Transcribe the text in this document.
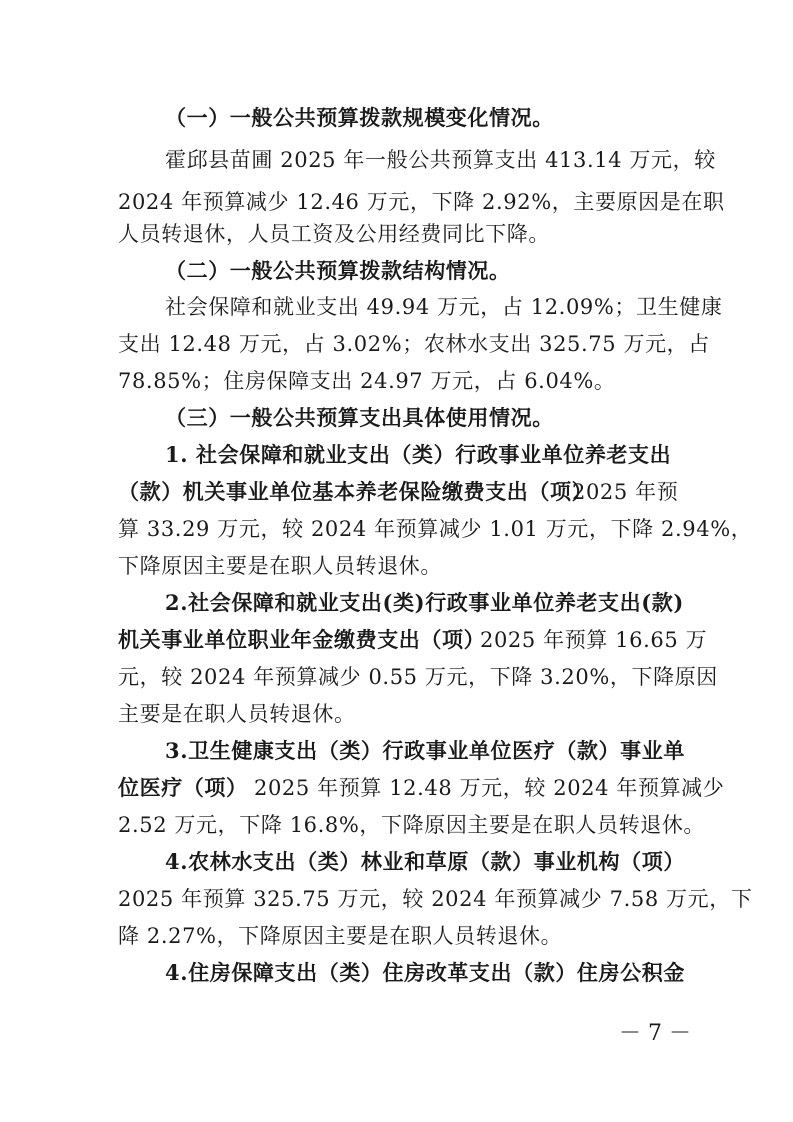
（一）一般公共预算拨款规模变化情况。
霍邱县苗圃 2025 年一般公共预算支出 413.14 万元，较
2024 年预算减少 12.46 万元，下降 2.92%，主要原因是在职
人员转退休，人员工资及公用经费同比下降。
（二）一般公共预算拨款结构情况。
社会保障和就业支出 49.94 万元，占 12.09%；卫生健康
支出 12.48 万元，占 3.02%；农林水支出 325.75 万元，占
78.85%；住房保障支出 24.97 万元，占 6.04%。
（三）一般公共预算支出具体使用情况。
1. 社会保障和就业支出（类）行政事业单位养老支出
（款）机关事业单位基本养老保险缴费支出（项）
2025 年预
算 33.29 万元，较 2024 年预算减少 1.01 万元，下降 2.94%，
下降原因主要是在职人员转退休。
2.社会保障和就业支出(类)行政事业单位养老支出(款)
机关事业单位职业年金缴费支出（项）
2025 年预算 16.65 万
元，较 2024 年预算减少 0.55 万元，下降 3.20%，下降原因
主要是在职人员转退休。
3.卫生健康支出（类）行政事业单位医疗（款）事业单
位医疗（项） 2025 年预算 12.48 万元，较 2024 年预算减少
2.52 万元，下降 16.8%，下降原因主要是在职人员转退休。
4.农林水支出（类）林业和草原（款）事业机构（项）
2025 年预算 325.75 万元，较 2024 年预算减少 7.58 万元，下
降 2.27%，下降原因主要是在职人员转退休。
4.住房保障支出（类）住房改革支出（款）住房公积金
－ 7 －
